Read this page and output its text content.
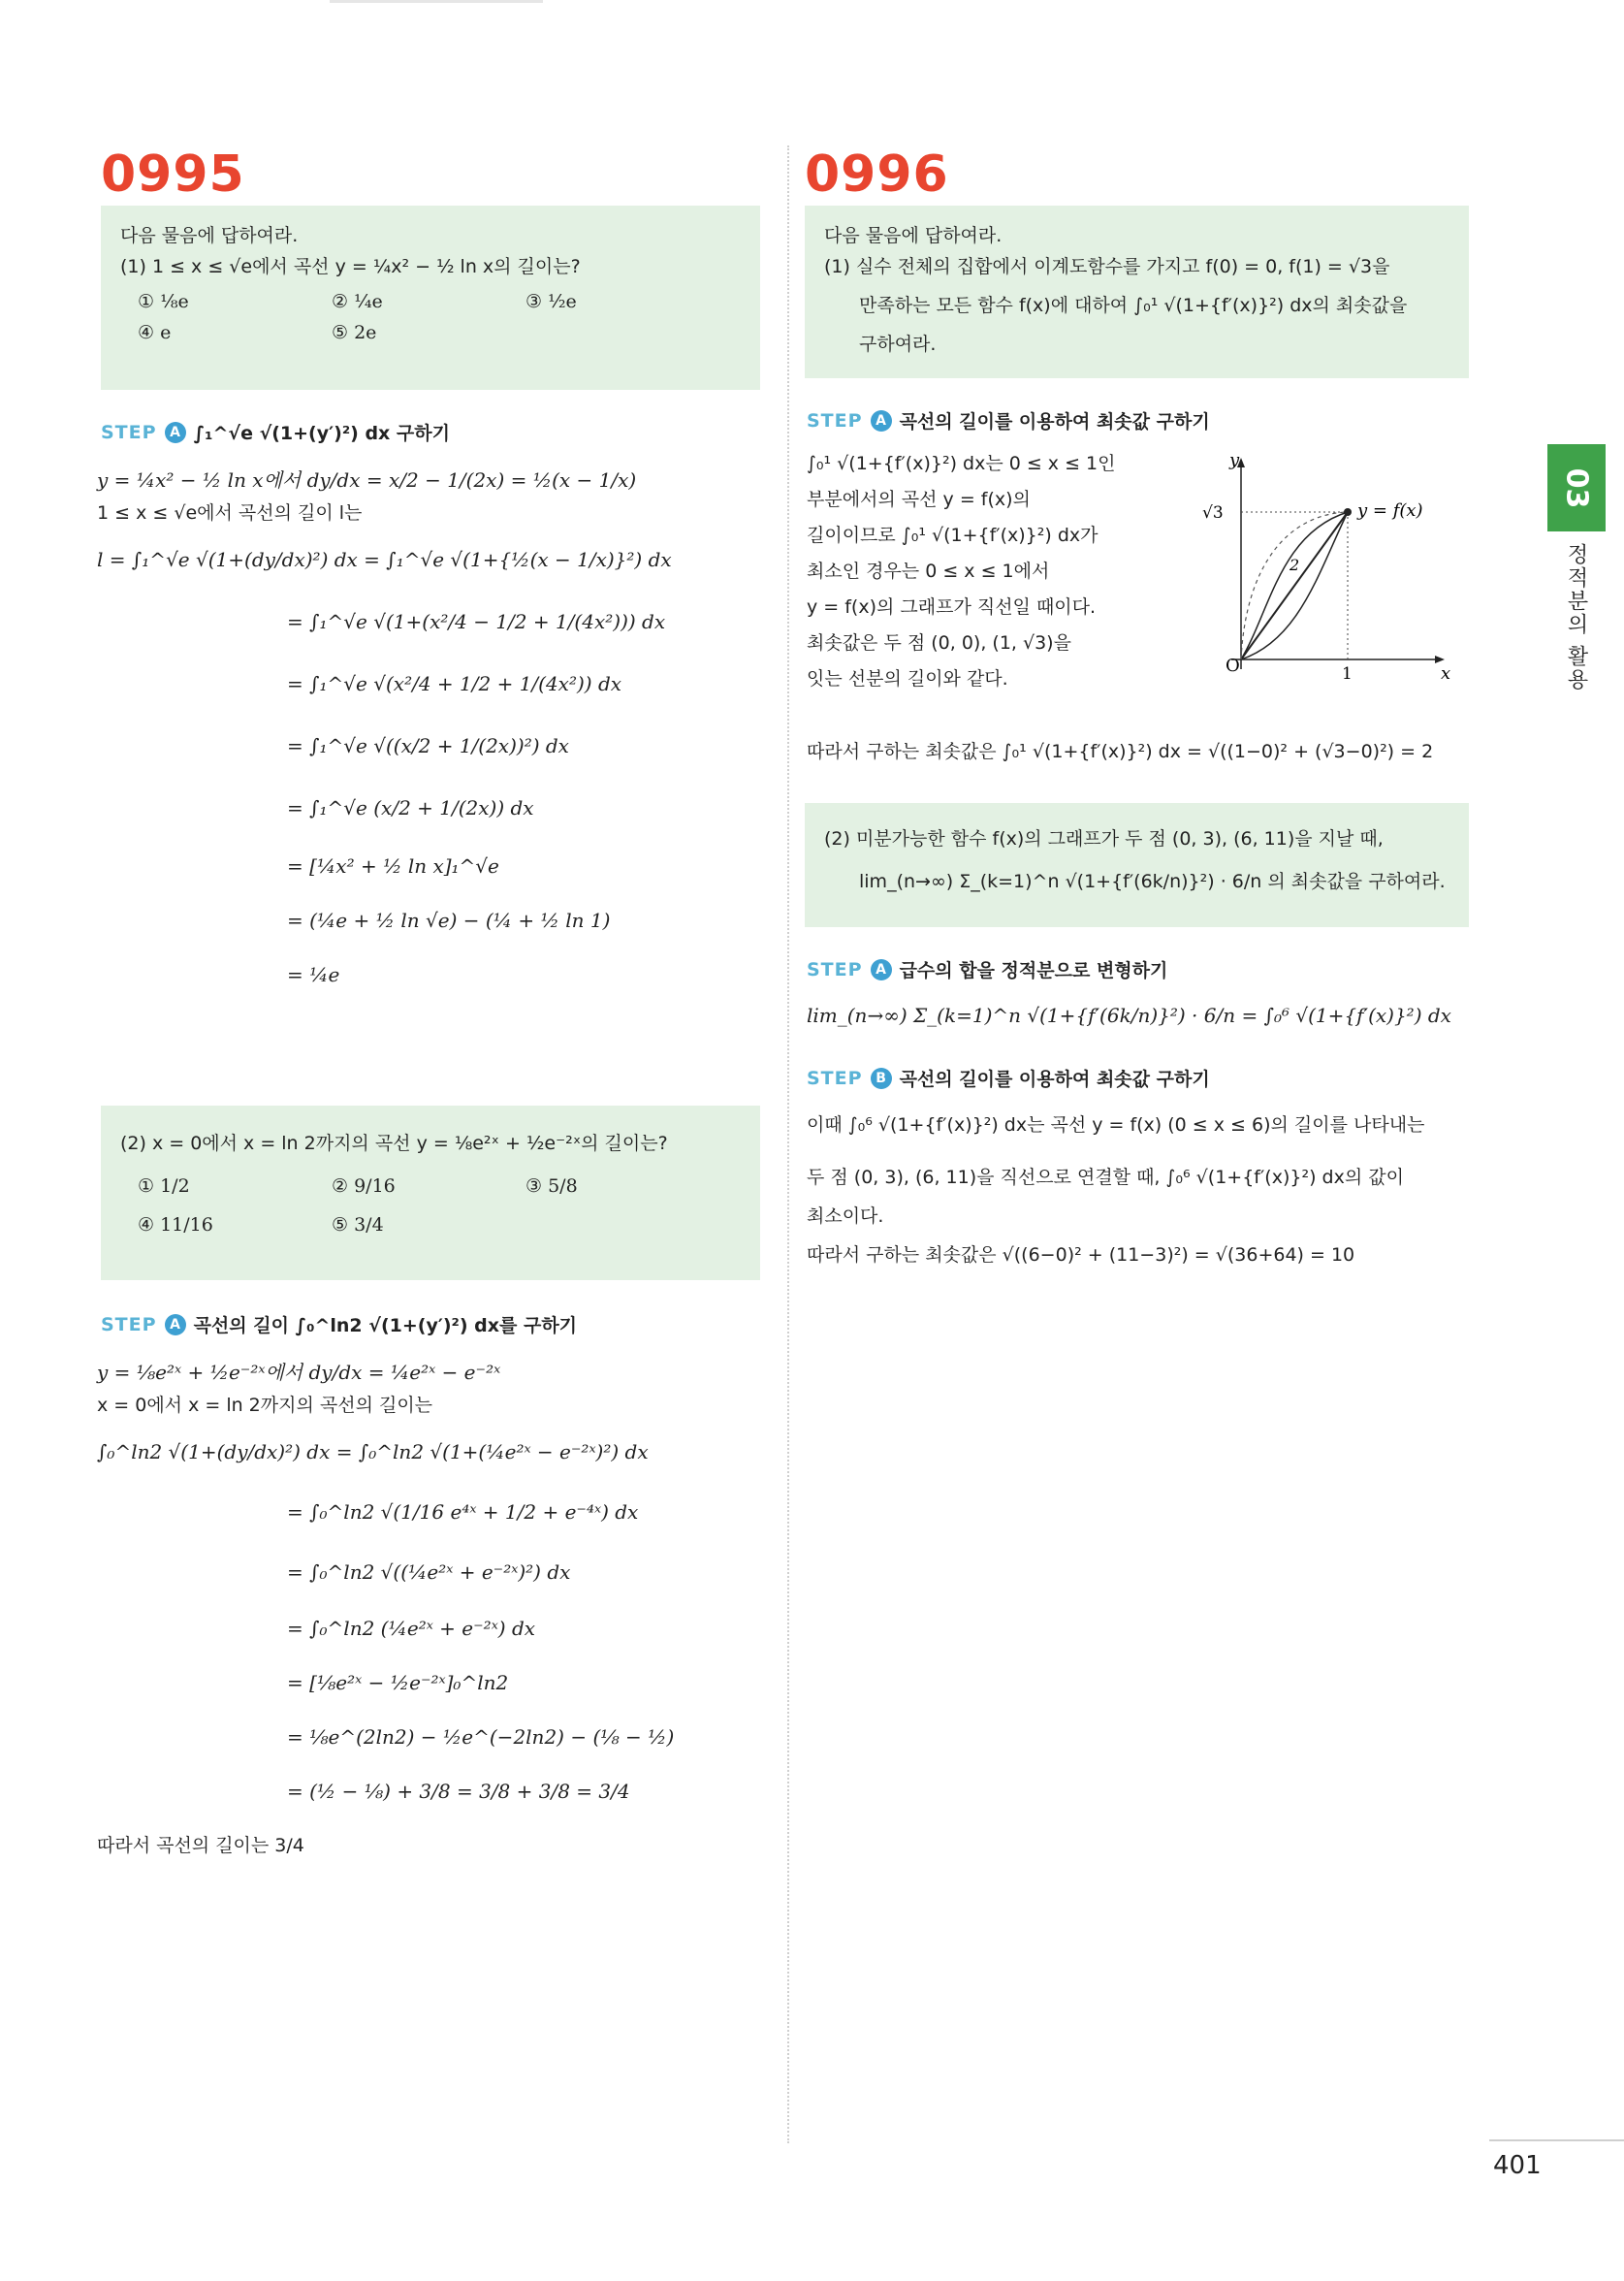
0995
다음 물음에 답하여라.
(1) 1 ≤ x ≤ √e에서 곡선 y = ¼x² − ½ ln x의 길이는?
① ⅛e	② ¼e	③ ½e
④ e	⑤ 2e
STEP A ∫₁^√e √(1+(y′)²) dx 구하기

y = ¼x² − ½ ln x에서 dy/dx = x/2 − 1/(2x) = ½(x − 1/x)

1 ≤ x ≤ √e에서 곡선의 길이 l는

l = ∫₁^√e √(1+(dy/dx)²) dx = ∫₁^√e √(1+{½(x − 1/x)}²) dx

= ∫₁^√e √(1+(x²/4 − 1/2 + 1/(4x²))) dx

= ∫₁^√e √(x²/4 + 1/2 + 1/(4x²)) dx

= ∫₁^√e √((x/2 + 1/(2x))²) dx

= ∫₁^√e (x/2 + 1/(2x)) dx

= [¼x² + ½ ln x]₁^√e

= (¼e + ½ ln √e) − (¼ + ½ ln 1)

= ¼e

(2) x = 0에서 x = ln 2까지의 곡선 y = ⅛e²ˣ + ½e⁻²ˣ의 길이는?
① 1/2	② 9/16	③ 5/8
④ 11/16	⑤ 3/4
STEP A 곡선의 길이 ∫₀^ln2 √(1+(y′)²) dx를 구하기

y = ⅛e²ˣ + ½e⁻²ˣ에서 dy/dx = ¼e²ˣ − e⁻²ˣ

x = 0에서 x = ln 2까지의 곡선의 길이는

∫₀^ln2 √(1+(dy/dx)²) dx = ∫₀^ln2 √(1+(¼e²ˣ − e⁻²ˣ)²) dx

= ∫₀^ln2 √(1/16 e⁴ˣ + 1/2 + e⁻⁴ˣ) dx

= ∫₀^ln2 √((¼e²ˣ + e⁻²ˣ)²) dx

= ∫₀^ln2 (¼e²ˣ + e⁻²ˣ) dx

= [⅛e²ˣ − ½e⁻²ˣ]₀^ln2

= ⅛e^(2ln2) − ½e^(−2ln2) − (⅛ − ½)

= (½ − ⅛) + 3/8 = 3/8 + 3/8 = 3/4

따라서 곡선의 길이는 3/4

0996
다음 물음에 답하여라.
(1) 실수 전체의 집합에서 이계도함수를 가지고 f(0) = 0, f(1) = √3을
만족하는 모든 함수 f(x)에 대하여 ∫₀¹ √(1+{f′(x)}²) dx의 최솟값을
구하여라.
STEP A 곡선의 길이를 이용하여 최솟값 구하기

∫₀¹ √(1+{f′(x)}²) dx는 0 ≤ x ≤ 1인

부분에서의 곡선 y = f(x)의

길이이므로 ∫₀¹ √(1+{f′(x)}²) dx가

최소인 경우는 0 ≤ x ≤ 1에서

y = f(x)의 그래프가 직선일 때이다.

최솟값은 두 점 (0, 0), (1, √3)을

잇는 선분의 길이와 같다.

따라서 구하는 최솟값은 ∫₀¹ √(1+{f′(x)}²) dx = √((1−0)² + (√3−0)²) = 2
O	1
√3
x
y
y = f(x)
2
(2) 미분가능한 함수 f(x)의 그래프가 두 점 (0, 3), (6, 11)을 지날 때,
lim_(n→∞) Σ_(k=1)^n √(1+{f′(6k/n)}²) · 6/n 의 최솟값을 구하여라.
STEP A 급수의 합을 정적분으로 변형하기

lim_(n→∞) Σ_(k=1)^n √(1+{f′(6k/n)}²) · 6/n = ∫₀⁶ √(1+{f′(x)}²) dx

STEP B 곡선의 길이를 이용하여 최솟값 구하기

이때 ∫₀⁶ √(1+{f′(x)}²) dx는 곡선 y = f(x) (0 ≤ x ≤ 6)의 길이를 나타내는

두 점 (0, 3), (6, 11)을 직선으로 연결할 때, ∫₀⁶ √(1+{f′(x)}²) dx의 값이

최소이다.

따라서 구하는 최솟값은 √((6−0)² + (11−3)²) = √(36+64) = 10

03
정적분의 활용
401
